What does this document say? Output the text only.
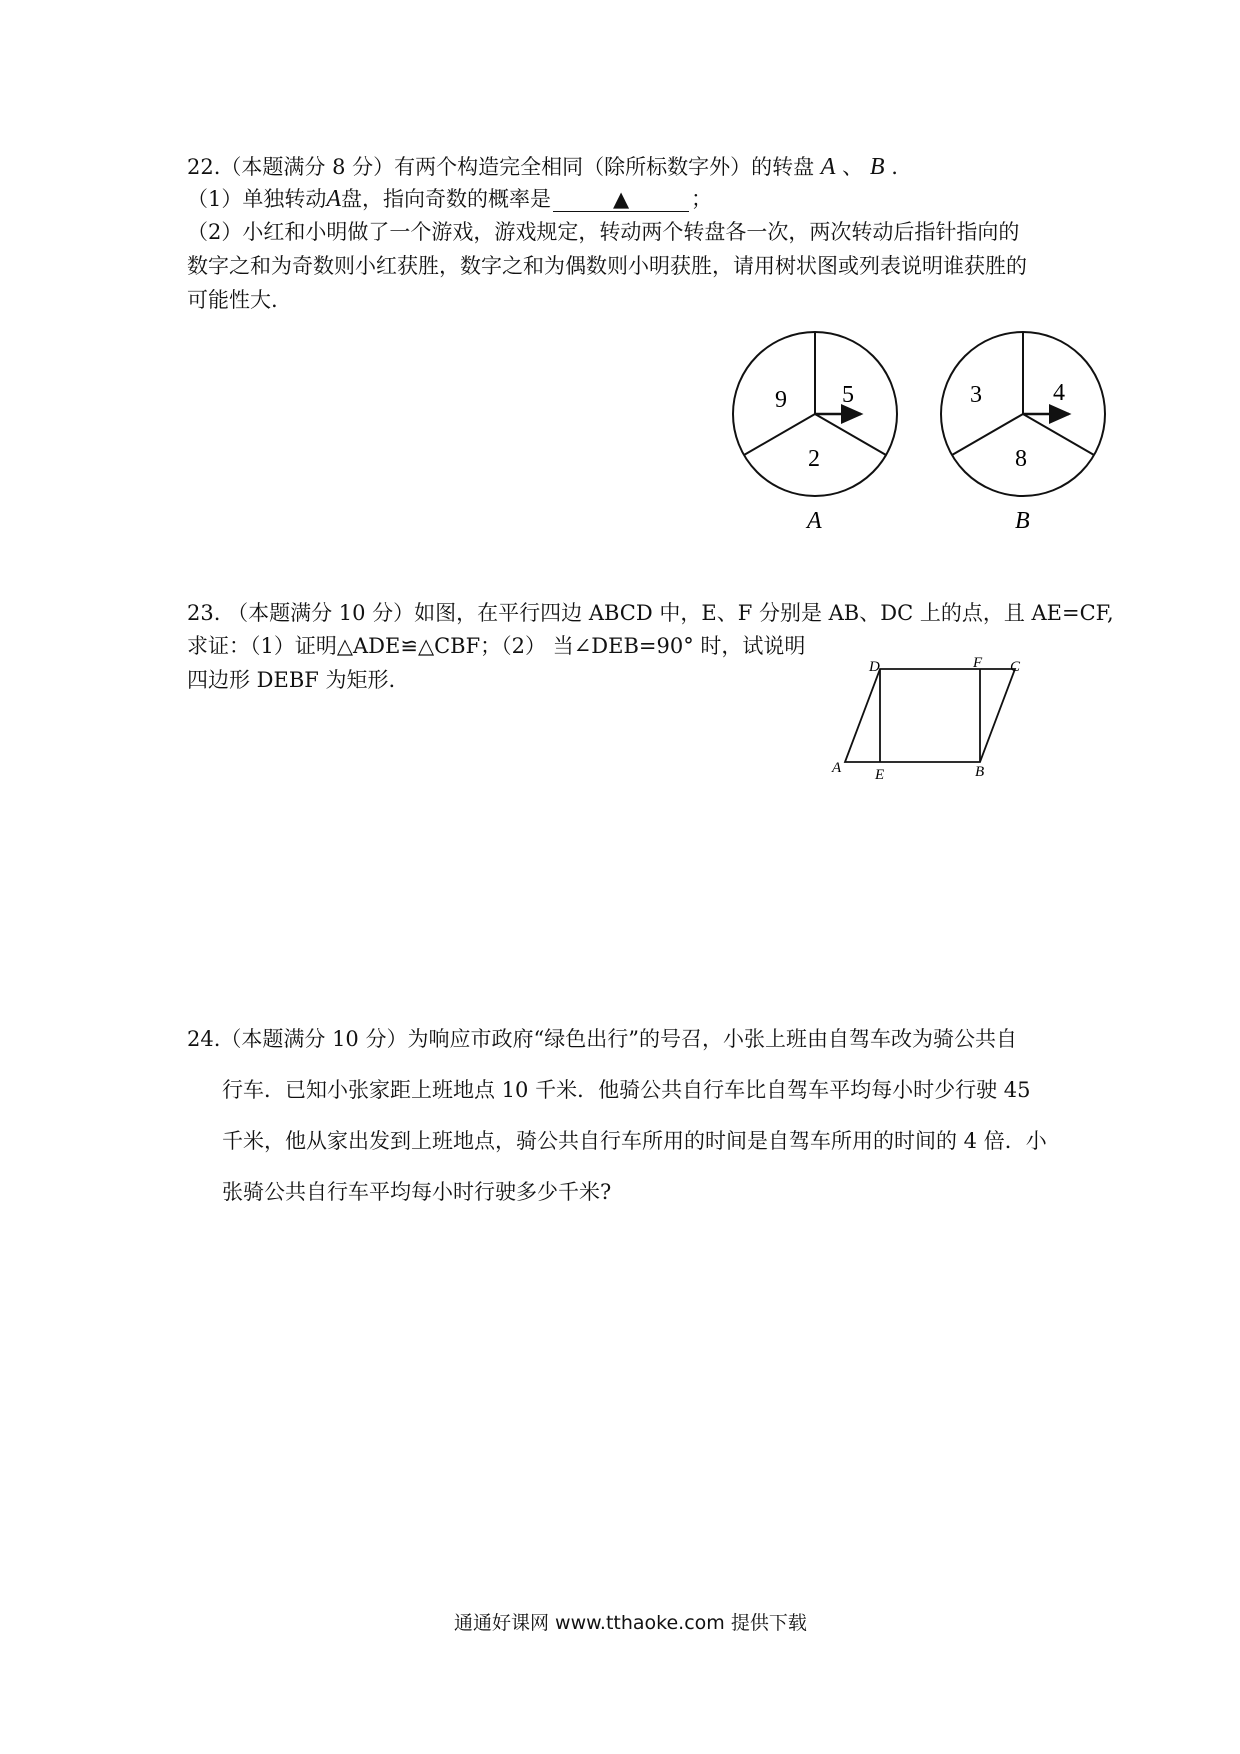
22.（本题满分 8 分）有两个构造完全相同（除所标数字外）的转盘 A 、 B .
（1）单独转动A盘，指向奇数的概率是	▲	；
（2）小红和小明做了一个游戏，游戏规定，转动两个转盘各一次，两次转动后指针指向的
数字之和为奇数则小红获胜，数字之和为偶数则小明获胜，请用树状图或列表说明谁获胜的
可能性大.
9 5
2
A
3	4
8
B
23. （本题满分 10 分）如图，在平行四边 ABCD 中，E、F 分别是 AB、DC 上的点，且 AE=CF,
求证：（1）证明△ADE≌△CBF；（2） 当∠DEB=90° 时，试说明
四边形 DEBF 为矩形.
D	F C
A E	B
24.（本题满分 10 分）为响应市政府“绿色出行”的号召，小张上班由自驾车改为骑公共自
行车．已知小张家距上班地点 10 千米．他骑公共自行车比自驾车平均每小时少行驶 45
千米，他从家出发到上班地点，骑公共自行车所用的时间是自驾车所用的时间的 4 倍．小
张骑公共自行车平均每小时行驶多少千米?
通通好课网 www.tthaoke.com 提供下载
